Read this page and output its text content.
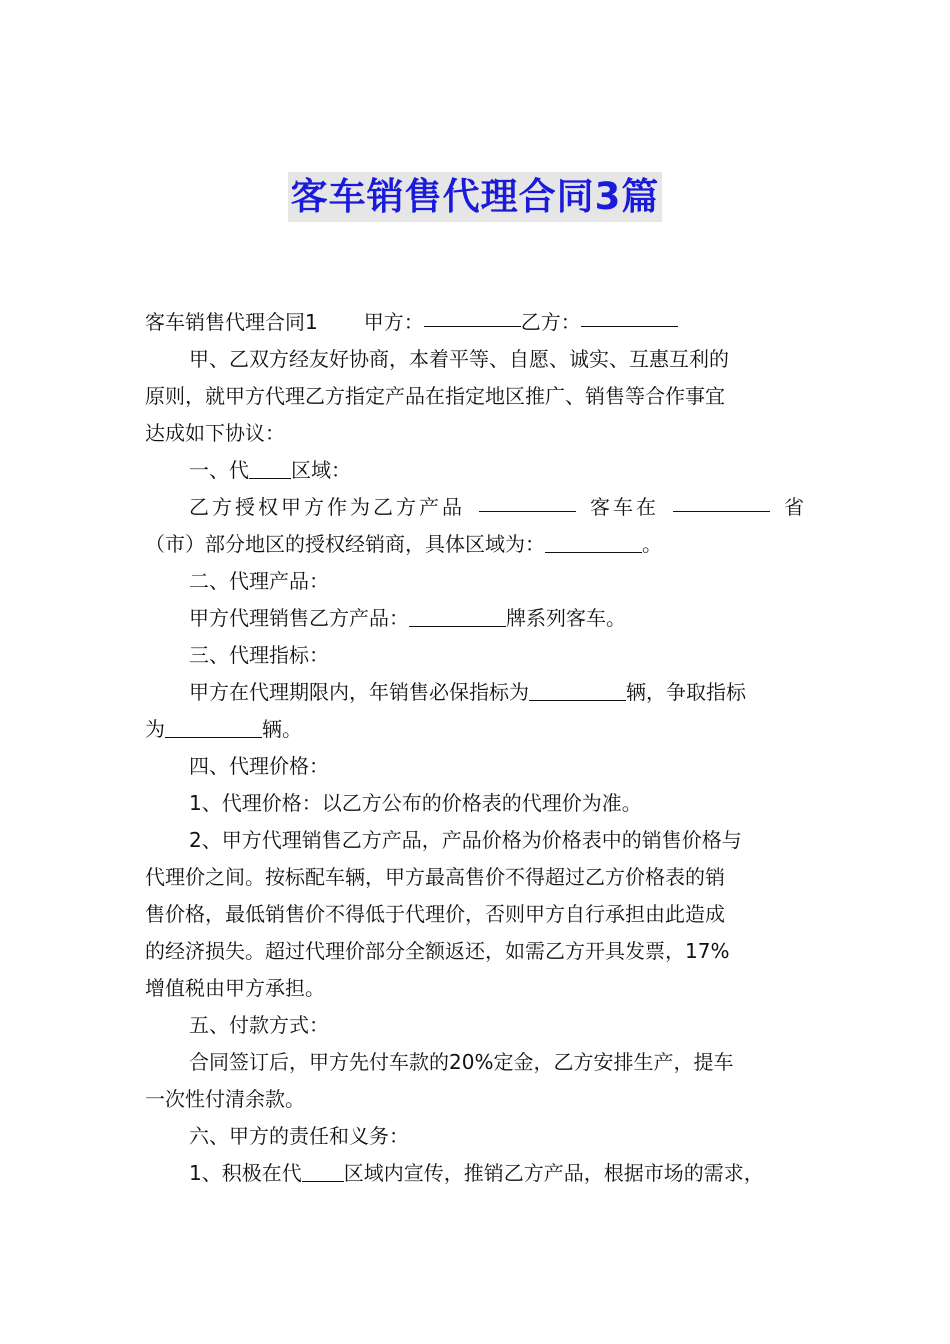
客车销售代理合同3篇
客车销售代理合同1 甲方：	乙方：
甲、乙双方经友好协商，本着平等、自愿、诚实、互惠互利的
原则，就甲方代理乙方指定产品在指定地区推广、销售等合作事宜
达成如下协议：
一、代 区域：
乙方授权甲方作为乙方产品	客车在	省
（市）部分地区的授权经销商，具体区域为：	。
二、代理产品：
甲方代理销售乙方产品：	牌系列客车。
三、代理指标：
甲方在代理期限内，年销售必保指标为	辆，争取指标
为	辆。
四、代理价格：
1、代理价格：以乙方公布的价格表的代理价为准。
2、甲方代理销售乙方产品，产品价格为价格表中的销售价格与
代理价之间。按标配车辆，甲方最高售价不得超过乙方价格表的销
售价格，最低销售价不得低于代理价，否则甲方自行承担由此造成
的经济损失。超过代理价部分全额返还，如需乙方开具发票，17%
增值税由甲方承担。
五、付款方式：
合同签订后，甲方先付车款的20%定金，乙方安排生产，提车
一次性付清余款。
六、甲方的责任和义务：
1、积极在代 区域内宣传，推销乙方产品，根据市场的需求，
